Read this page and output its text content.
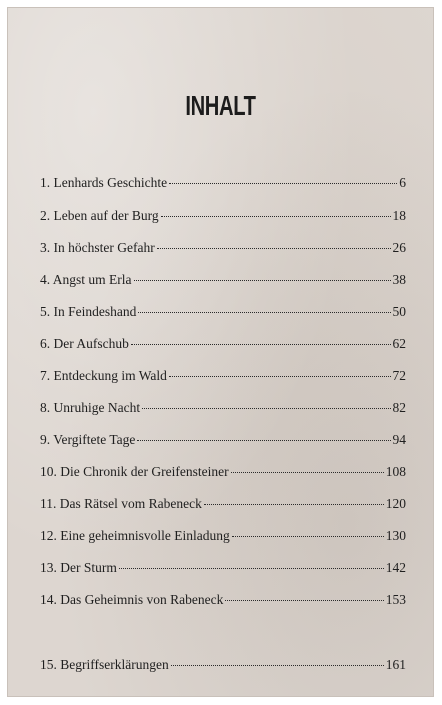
INHALT
1. Lenhards Geschichte	6
2. Leben auf der Burg	18
3. In höchster Gefahr	26
4. Angst um Erla	38
5. In Feindeshand	50
6. Der Aufschub	62
7. Entdeckung im Wald	72
8. Unruhige Nacht	82
9. Vergiftete Tage	94
10. Die Chronik der Greifensteiner	108
11. Das Rätsel vom Rabeneck	120
12. Eine geheimnisvolle Einladung	130
13. Der Sturm	142
14. Das Geheimnis von Rabeneck	153
15. Begriffserklärungen	161
